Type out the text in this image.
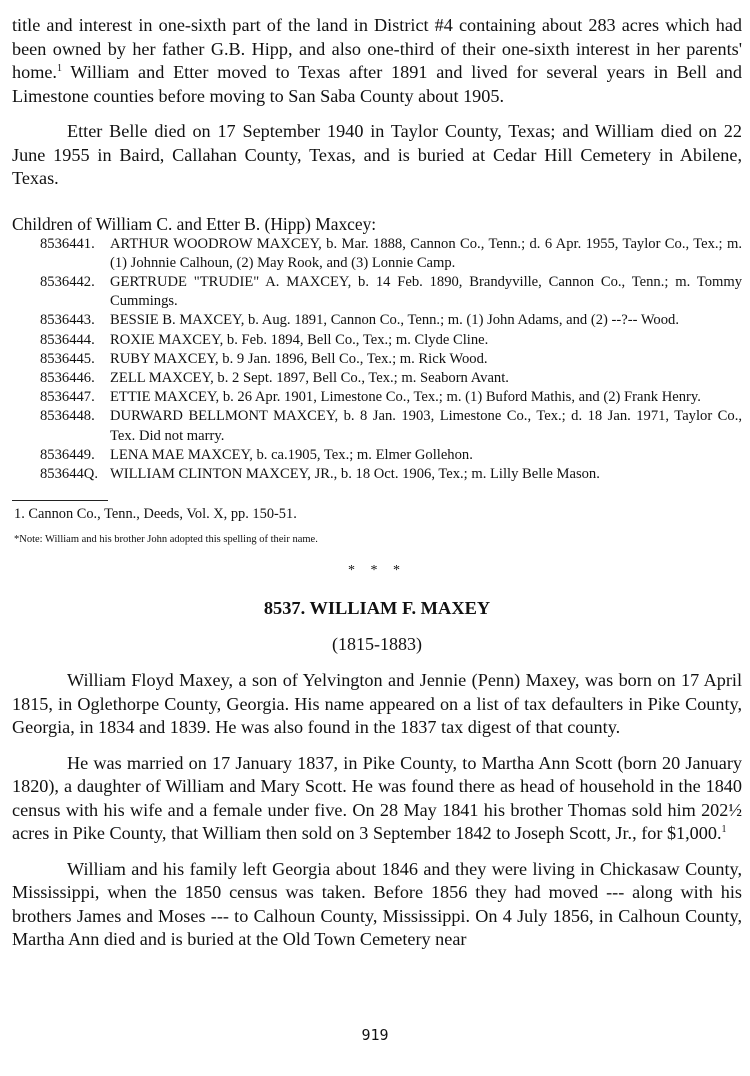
title and interest in one-sixth part of the land in District #4 containing about 283 acres which had been owned by her father G.B. Hipp, and also one-third of their one-sixth interest in her parents' home.$^1$ William and Etter moved to Texas after 1891 and lived for several years in Bell and Limestone counties before moving to San Saba County about 1905.

Etter Belle died on 17 September 1940 in Taylor County, Texas; and William died on 22 June 1955 in Baird, Callahan County, Texas, and is buried at Cedar Hill Cemetery in Abilene, Texas.

Children of William C. and Etter B. (Hipp) Maxcey:
8536441.	ARTHUR WOODROW MAXCEY, b. Mar. 1888, Cannon Co., Tenn.; d. 6 Apr. 1955, Taylor Co., Tex.; m. (1) Johnnie Calhoun, (2) May Rook, and (3) Lonnie Camp.
8536442.	GERTRUDE "TRUDIE" A. MAXCEY, b. 14 Feb. 1890, Brandyville, Cannon Co., Tenn.; m. Tommy Cummings.
8536443.	BESSIE B. MAXCEY, b. Aug. 1891, Cannon Co., Tenn.; m. (1) John Adams, and (2) --?-- Wood.
8536444.	ROXIE MAXCEY, b. Feb. 1894, Bell Co., Tex.; m. Clyde Cline.
8536445.	RUBY MAXCEY, b. 9 Jan. 1896, Bell Co., Tex.; m. Rick Wood.
8536446.	ZELL MAXCEY, b. 2 Sept. 1897, Bell Co., Tex.; m. Seaborn Avant.
8536447.	ETTIE MAXCEY, b. 26 Apr. 1901, Limestone Co., Tex.; m. (1) Buford Mathis, and (2) Frank Henry.
8536448.	DURWARD BELLMONT MAXCEY, b. 8 Jan. 1903, Limestone Co., Tex.; d. 18 Jan. 1971, Taylor Co., Tex. Did not marry.
8536449.	LENA MAE MAXCEY, b. ca.1905, Tex.; m. Elmer Gollehon.
853644Q. WILLIAM CLINTON MAXCEY, JR., b. 18 Oct. 1906, Tex.; m. Lilly Belle Mason.
1. Cannon Co., Tenn., Deeds, Vol. X, pp. 150-51.
*Note: William and his brother John adopted this spelling of their name.
* * *
8537. WILLIAM F. MAXEY
(1815-1883)

William Floyd Maxey, a son of Yelvington and Jennie (Penn) Maxey, was born on 17 April 1815, in Oglethorpe County, Georgia. His name appeared on a list of tax defaulters in Pike County, Georgia, in 1834 and 1839. He was also found in the 1837 tax digest of that county.

He was married on 17 January 1837, in Pike County, to Martha Ann Scott (born 20 January 1820), a daughter of William and Mary Scott. He was found there as head of household in the 1840 census with his wife and a female under five. On 28 May 1841 his brother Thomas sold him 202½ acres in Pike County, that William then sold on 3 September 1842 to Joseph Scott, Jr., for $1,000.$^1$

William and his family left Georgia about 1846 and they were living in Chickasaw County, Mississippi, when the 1850 census was taken. Before 1856 they had moved --- along with his brothers James and Moses --- to Calhoun County, Mississippi. On 4 July 1856, in Calhoun County, Martha Ann died and is buried at the Old Town Cemetery near

919
